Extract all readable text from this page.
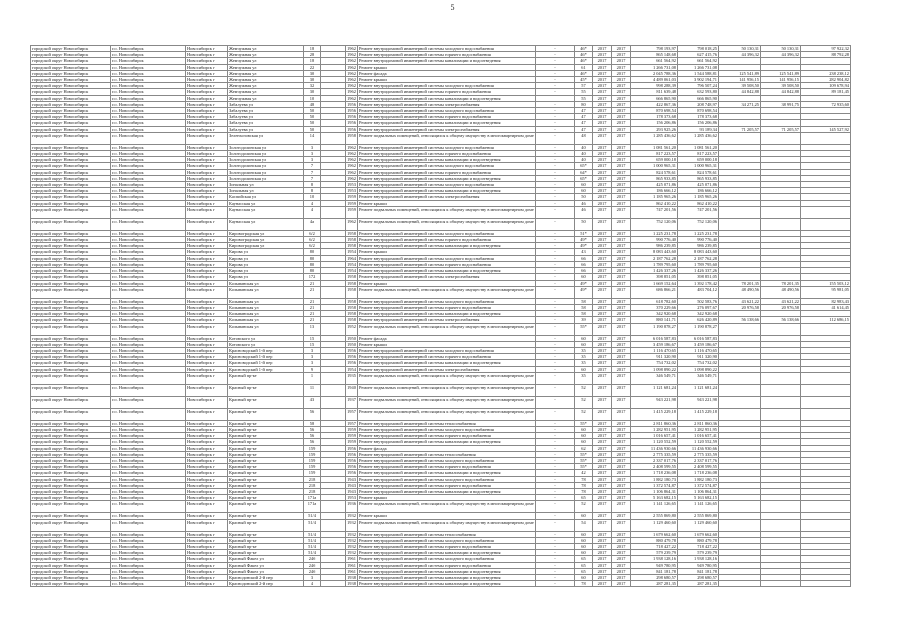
5
городской округ Новосибирск	г.о. Новосибирск	Новосибирск г	Жемчужная ул	18		1962	Ремонт внутридомовой инженерной системы холодного водоснабжения	-	46*	2017	2017	798 193,97	798 018,25	50 130,31	50 130,31	97 922,32
городской округ Новосибирск	г.о. Новосибирск	Новосибирск г	Жемчужная ул	28		1962	Ремонт внутридомовой инженерной системы горячего водоснабжения	-	46*	2017	2017	865 148,68	627 415,76	44 396,32	44 396,32	88 792,28
городской округ Новосибирск	г.о. Новосибирск	Новосибирск г	Жемчужная ул	18		1962	Ремонт внутридомовой инженерной системы канализации и водоотведения	-	46*	2017	2017	661 564,92	661 564,92			
городской округ Новосибирск	г.о. Новосибирск	Новосибирск г	Жемчужная ул	22		1962	Ремонт крыши	-	61	2017	2017	1 266 731,08	1 266 731,08			
городской округ Новосибирск	г.о. Новосибирск	Новосибирск г	Жемчужная ул	30		1962	Ремонт фасада	-	46*	2017	2017	2 045 788,36	1 544 588,81	125 541,89	125 541,89	238 238,12
городской округ Новосибирск	г.о. Новосибирск	Новосибирск г	Жемчужная ул	30		1962	Ремонт крыши	-	45*	2017	2017	4 489 061,03	3 902 194,71	141 956,15	141 956,15	282 904,82
городской округ Новосибирск	г.о. Новосибирск	Новосибирск г	Жемчужная ул	32		1962	Ремонт внутридомовой инженерной системы холодного водоснабжения	-	57	2017	2017	998 288,39	796 507,24	39 508,50	39 508,50	109 678,94
городской округ Новосибирск	г.о. Новосибирск	Новосибирск г	Жемчужная ул	30		1962	Ремонт внутридомовой инженерной системы горячего водоснабжения	-	55	2017	2017	811 639,48	632 593,80	44 842,88	44 842,88	89 181,45
городской округ Новосибирск	г.о. Новосибирск	Новосибирск г	Жемчужная ул	10		1962	Ремонт внутридомовой инженерной системы канализации и водоотведения		55	2017	2017	666 865,90	666 865,90			
городской округ Новосибирск	г.о. Новосибирск	Новосибирск г	Забалуева ул	48		1956	Ремонт внутридомовой инженерной системы электроснабжения	-	80	2017	2017	422 867,36	208 748,97	34 271,25	38 991,75	72 935,60
городской округ Новосибирск	г.о. Новосибирск	Новосибирск г	Забалуева ул	50		1956	Ремонт внутридомовой инженерной системы холодного водоснабжения	-	47	2017	2017	870 698,54	870 698,54			
городской округ Новосибирск	г.о. Новосибирск	Новосибирск г	Забалуева ул	50		1956	Ремонт внутридомовой инженерной системы горячего водоснабжения	-	47	2017	2017	178 373,68	178 373,68			
городской округ Новосибирск	г.о. Новосибирск	Новосибирск г	Забалуева ул	50		1956	Ремонт внутридомовой инженерной системы канализации и водоотведения	-	47	2017	2017	156 206,86	156 206,86			
городской округ Новосибирск	г.о. Новосибирск	Новосибирск г	Забалуева ул	50		1956	Ремонт внутридомовой инженерной системы электроснабжения	-	47	2017	2017	293 925,26	93 189,34	71 205,57	71 205,57	145 527,92
городской округ Новосибирск	г.о. Новосибирск	Новосибирск г	Зеленхозовская ул	14		1958	Ремонт подвальных помещений, относящихся к общему имуществу в многоквартирном доме	-	48	2017	2017	1 285 436,62	1 285 436,62			
городской округ Новосибирск	г.о. Новосибирск	Новосибирск г	Золотодолинская ул	3		1962	Ремонт внутридомовой инженерной системы холодного водоснабжения	-	40	2017	2017	1 081 561,20	1 081 561,20			
городской округ Новосибирск	г.о. Новосибирск	Новосибирск г	Золотодолинская ул	3		1962	Ремонт внутридомовой инженерной системы горячего водоснабжения	-	40	2017	2017	817 223,57	817 223,57			
городской округ Новосибирск	г.о. Новосибирск	Новосибирск г	Золотодолинская ул	3		1962	Ремонт внутридомовой инженерной системы канализации и водоотведения	-	40	2017	2017	659 000,18	659 000,18			
городской округ Новосибирск	г.о. Новосибирск	Новосибирск г	Золотодолинская ул	7		1962	Ремонт внутридомовой инженерной системы холодного водоснабжения	-	65*	2017	2017	1 000 965,31	1 000 965,31			
городской округ Новосибирск	г.о. Новосибирск	Новосибирск г	Золотодолинская ул	7		1962	Ремонт внутридомовой инженерной системы горячего водоснабжения	-	64*	2017	2017	824 578,61	824 578,61			
городской округ Новосибирск	г.о. Новосибирск	Новосибирск г	Золотодолинская ул	7		1962	Ремонт внутридомовой инженерной системы канализации и водоотведения	-	65*	2017	2017	865 933,85	865 933,85			
городской округ Новосибирск	г.о. Новосибирск	Новосибирск г	Зональная ул	8		1953	Ремонт внутридомовой инженерной системы холодного водоснабжения	-	60	2017	2017	425 071,86	425 071,86			
городской округ Новосибирск	г.о. Новосибирск	Новосибирск г	Зональная ул	8		1953	Ремонт внутридомовой инженерной системы канализации и водоотведения	-	60	2017	2017	186 666,12	186 666,12			
городской округ Новосибирск	г.о. Новосибирск	Новосибирск г	Каспийская ул	10		1959	Ремонт внутридомовой инженерной системы электроснабжения	-	50	2017	2017	1 185 965,26	1 185 965,26			
городской округ Новосибирск	г.о. Новосибирск	Новосибирск г	Каунасская ул	4		1959	Ремонт крыши	-	46	2017	2017	862 410,22	862 410,22			
городской округ Новосибирск	г.о. Новосибирск	Новосибирск г	Каунасская ул	4		1959	Ремонт подвальных помещений, относящихся к общему имуществу в многоквартирном доме	-	46	2017	2017	747 201,56	747 201,56			
городской округ Новосибирск	г.о. Новосибирск	Новосибирск г	Каунасская ул	4а		1962	Ремонт подвальных помещений, относящихся к общему имуществу в многоквартирном доме	-	50	2017	2017	752 120,06	752 120,06			
городской округ Новосибирск	г.о. Новосибирск	Новосибирск г	Кировоградская ул	6/2		1958	Ремонт внутридомовой инженерной системы холодного водоснабжения	-	51*	2017	2017	1 225 231,78	1 225 231,78			
городской округ Новосибирск	г.о. Новосибирск	Новосибирск г	Кировоградская ул	6/2		1958	Ремонт внутридомовой инженерной системы горячего водоснабжения	-	49*	2017	2017	990 776,40	990 776,40			
городской округ Новосибирск	г.о. Новосибирск	Новосибирск г	Кировоградская ул	6/2		1958	Ремонт внутридомовой инженерной системы канализации и водоотведения	-	49*	2017	2017	986 239,85	986 239,85			
городской округ Новосибирск	г.о. Новосибирск	Новосибирск г	Кирова ул	80		1954	Ремонт крыши	-	43	2017	2017	8 083 443,60	8 083 443,60			
городской округ Новосибирск	г.о. Новосибирск	Новосибирск г	Кирова ул	80		1964	Ремонт внутридомовой инженерной системы холодного водоснабжения	-	66	2017	2017	2 187 762,28	2 187 762,28			
городской округ Новосибирск	г.о. Новосибирск	Новосибирск г	Кирова ул	80		1954	Ремонт внутридомовой инженерной системы горячего водоснабжения	-	66	2017	2017	1 789 795,60	1 789 795,60			
городской округ Новосибирск	г.о. Новосибирск	Новосибирск г	Кирова ул	80		1954	Ремонт внутридомовой инженерной системы канализации и водоотведения	-	66	2017	2017	1 426 337,26	1 426 337,26			
городской округ Новосибирск	г.о. Новосибирск	Новосибирск г	Кирова ул	172		1958	Ремонт внутридомовой инженерной системы электроснабжения	-	60	2017	2017	398 851,05	398 851,05			
городской округ Новосибирск	г.о. Новосибирск	Новосибирск г	Колыванская ул	21		1958	Ремонт крыши	-	49*	2017	2017	1 669 152,64	1 392 178,42	78 201,35	78 201,35	155 503,12
городской округ Новосибирск	г.о. Новосибирск	Новосибирск г	Колыванская ул	21		1958	Ремонт подвальных помещений, относящихся к общему имуществу в многоквартирном доме	-	49*	2017	2017	686 866,21	483 704,12	48 490,56	48 490,56	95 981,05
городской округ Новосибирск	г.о. Новосибирск	Новосибирск г	Колыванская ул	21		1958	Ремонт внутридомовой инженерной системы холодного водоснабжения	-	58	2017	2017	618 782,60	502 583,76	43 621,22	43 621,22	82 983,43
городской округ Новосибирск	г.о. Новосибирск	Новосибирск г	Колыванская ул	21		1958	Ремонт внутридомовой инженерной системы горячего водоснабжения	-	58	2017	2017	370 229,66	276 097,67	20 976,58	20 976,58	41 614,45
городской округ Новосибирск	г.о. Новосибирск	Новосибирск г	Колыванская ул	21		1958	Ремонт внутридомовой инженерной системы канализации и водоотведения	-	58	2017	2017	342 920,68	342 920,68			
городской округ Новосибирск	г.о. Новосибирск	Новосибирск г	Колыванская ул	21		1958	Ремонт внутридомовой инженерной системы электроснабжения	-	39	2017	2017	880 141,71	626 420,89	56 138,66	56 138,66	112 686,15
городской округ Новосибирск	г.о. Новосибирск	Новосибирск г	Колыванская ул	13		1952	Ремонт подвальных помещений, относящихся к общему имуществу в многоквартирном доме	-	55*	2017	2017	1 190 878,27	1 190 878,27			
городской округ Новосибирск	г.о. Новосибирск	Новосибирск г	Котовского ул	15		1950	Ремонт фасада	-	60	2017	2017	6 016 587,83	6 016 587,83			
городской округ Новосибирск	г.о. Новосибирск	Новосибирск г	Котовского ул	15		1950	Ремонт крыши	-	60	2017	2017	3 459 186,67	3 459 186,67			
городской округ Новосибирск	г.о. Новосибирск	Новосибирск г	Красноводский 1-й пер	3		1956	Ремонт внутридомовой инженерной системы холодного водоснабжения	-	35	2017	2017	1 116 470,65	1 116 470,65			
городской округ Новосибирск	г.о. Новосибирск	Новосибирск г	Красноводский 1-й пер	3		1956	Ремонт внутридомовой инженерной системы горячего водоснабжения	-	35	2017	2017	911 320,90	911 320,90			
городской округ Новосибирск	г.о. Новосибирск	Новосибирск г	Красноводский 1-й пер	3		1956	Ремонт внутридомовой инженерной системы канализации и водоотведения	-	35	2017	2017	754 732,02	754 732,02			
городской округ Новосибирск	г.о. Новосибирск	Новосибирск г	Красноводский 1-й пер	9		1954	Ремонт внутридомовой инженерной системы электроснабжения	-	60	2017	2017	1 098 890,22	1 098 890,22			
городской округ Новосибирск	г.о. Новосибирск	Новосибирск г	Красный пр-кт	1		1935	Ремонт подвальных помещений, относящихся к общему имуществу в многоквартирном доме	-	35	2017	2017	346 549,71	346 549,71			
городской округ Новосибирск	г.о. Новосибирск	Новосибирск г	Красный пр-кт	11		1940	Ремонт подвальных помещений, относящихся к общему имуществу в многоквартирном доме	-	52	2017	2017	1 121 681,24	1 121 681,24			
городской округ Новосибирск	г.о. Новосибирск	Новосибирск г	Красный пр-кт	43		1937	Ремонт подвальных помещений, относящихся к общему имуществу в многоквартирном доме	-	52	2017	2017	943 221,98	943 221,98			
городской округ Новосибирск	г.о. Новосибирск	Новосибирск г	Красный пр-кт	56		1957	Ремонт подвальных помещений, относящихся к общему имуществу в многоквартирном доме	-	52	2017	2017	1 415 229,18	1 415 229,18			
городской округ Новосибирск	г.о. Новосибирск	Новосибирск г	Красный пр-кт	58		1957	Ремонт внутридомовой инженерной системы теплоснабжения	-	55*	2017	2017	2 811 860,36	2 811 860,36			
городской округ Новосибирск	г.о. Новосибирск	Новосибирск г	Красный пр-кт	56		1959	Ремонт внутридомовой инженерной системы холодного водоснабжения	-	60	2017	2017	1 282 951,95	1 282 951,95			
городской округ Новосибирск	г.о. Новосибирск	Новосибирск г	Красный пр-кт	56		1959	Ремонт внутридомовой инженерной системы горячего водоснабжения	-	60	2017	2017	1 016 657,41	1 016 657,41			
городской округ Новосибирск	г.о. Новосибирск	Новосибирск г	Красный пр-кт	56		1959	Ремонт внутридомовой инженерной системы канализации и водоотведения	-	60	2017	2017	1 120 552,59	1 120 552,59			
городской округ Новосибирск	г.о. Новосибирск	Новосибирск г	Красный пр-кт	159		1956	Ремонт фасада	-	62	2017	2017	11 436 930,66	11 436 930,66			
городской округ Новосибирск	г.о. Новосибирск	Новосибирск г	Красный пр-кт	159		1956	Ремонт внутридомовой инженерной системы теплоснабжения	-	55*	2017	2017	2 775 335,59	2 775 335,59			
городской округ Новосибирск	г.о. Новосибирск	Новосибирск г	Красный пр-кт	159		1956	Ремонт внутридомовой инженерной системы холодного водоснабжения	-	55*	2017	2017	2 337 017,76	2 337 017,76			
городской округ Новосибирск	г.о. Новосибирск	Новосибирск г	Красный пр-кт	159		1956	Ремонт внутридомовой инженерной системы горячего водоснабжения	-	55*	2017	2017	2 408 599,55	2 408 599,55			
городской округ Новосибирск	г.о. Новосибирск	Новосибирск г	Красный пр-кт	159		1956	Ремонт внутридомовой инженерной системы канализации и водоотведения	-	42	2017	2017	1 718 236,08	1 718 236,08			
городской округ Новосибирск	г.о. Новосибирск	Новосибирск г	Красный пр-кт	218		1943	Ремонт внутридомовой инженерной системы холодного водоснабжения	-	78	2017	2017	1 882 180,73	1 882 180,73			
городской округ Новосибирск	г.о. Новосибирск	Новосибирск г	Красный пр-кт	218		1943	Ремонт внутридомовой инженерной системы горячего водоснабжения	-	78	2017	2017	1 372 574,87	1 372 574,87			
городской округ Новосибирск	г.о. Новосибирск	Новосибирск г	Красный пр-кт	218		1943	Ремонт внутридомовой инженерной системы канализации и водоотведения	-	78	2017	2017	1 106 864,31	1 106 864,31			
городской округ Новосибирск	г.о. Новосибирск	Новосибирск г	Красный пр-кт	171а		1953	Ремонт крыши	-	65	2017	2017	5 163 682,15	5 163 682,15			
городской округ Новосибирск	г.о. Новосибирск	Новосибирск г	Красный пр-кт	171а		1936	Ремонт подвальных помещений, относящихся к общему имуществу в многоквартирном доме	-	52	2017	2017	1 141 126,65	1 141 126,65			
городской округ Новосибирск	г.о. Новосибирск	Новосибирск г	Красный пр-кт	51/4		1932	Ремонт крыши	-	60	2017	2017	2 555 869,80	2 555 869,80			
городской округ Новосибирск	г.о. Новосибирск	Новосибирск г	Красный пр-кт	51/4		1932	Ремонт подвальных помещений, относящихся к общему имуществу в многоквартирном доме	-	54	2017	2017	1 129 460,60	1 129 460,60			
городской округ Новосибирск	г.о. Новосибирск	Новосибирск г	Красный пр-кт	51/4		1932	Ремонт внутридомовой инженерной системы теплоснабжения	-	60	2017	2017	1 679 662,60	1 679 662,60			
городской округ Новосибирск	г.о. Новосибирск	Новосибирск г	Красный пр-кт	51/4		1932	Ремонт внутридомовой инженерной системы холодного водоснабжения	-	60	2017	2017	880 479,78	880 479,78			
городской округ Новосибирск	г.о. Новосибирск	Новосибирск г	Красный пр-кт	51/4		1932	Ремонт внутридомовой инженерной системы горячего водоснабжения	-	60	2017	2017	718 427,22	718 427,22			
городской округ Новосибирск	г.о. Новосибирск	Новосибирск г	Красный пр-кт	51/4		1932	Ремонт внутридомовой инженерной системы канализации и водоотведения	-	60	2017	2017	579 239,79	579 239,79			
городской округ Новосибирск	г.о. Новосибирск	Новосибирск г	Красный Факел ул	24б		1961	Ремонт внутридомовой инженерной системы холодного водоснабжения	-	65	2017	2017	1 938 128,16	1 938 128,16			
городской округ Новосибирск	г.о. Новосибирск	Новосибирск г	Красный Факел ул	24б		1961	Ремонт внутридомовой инженерной системы горячего водоснабжения	-	65	2017	2017	949 780,95	949 780,95			
городской округ Новосибирск	г.о. Новосибирск	Новосибирск г	Красный Факел ул	24б		1961	Ремонт внутридомовой инженерной системы канализации и водоотведения	-	65	2017	2017	841 181,78	841 181,78			
городской округ Новосибирск	г.о. Новосибирск	Новосибирск г	Краснодонский 2-й пер	3		1938	Ремонт внутридомовой инженерной системы канализации и водоотведения	-	60	2017	2017	298 680,57	298 680,57			
городской округ Новосибирск	г.о. Новосибирск	Новосибирск г	Краснодонский 2-й пер	4		1938	Ремонт внутридомовой инженерной системы канализации и водоотведения	-	78	2017	2017	287 281,35	287 281,35			
